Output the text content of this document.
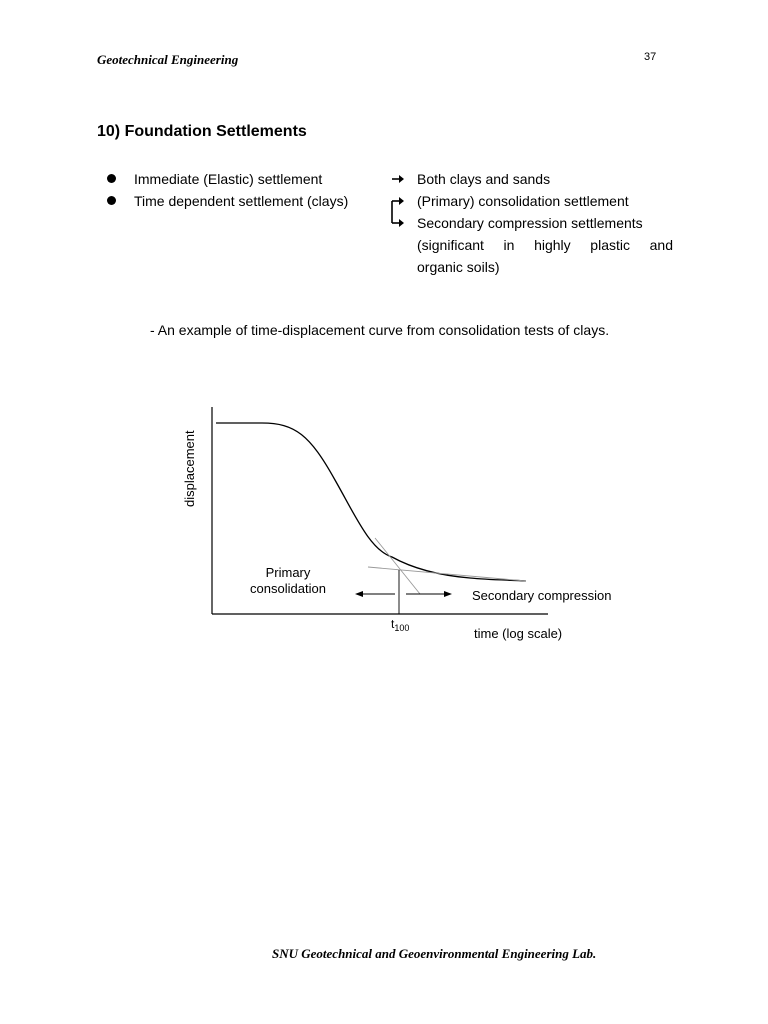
Geotechnical Engineering	37
10) Foundation Settlements
Immediate (Elastic) settlement
Time dependent settlement (clays)
Both clays and sands
(Primary) consolidation settlement
Secondary compression settlements
(significant in highly plastic and
organic soils)
- An example of time-displacement curve from consolidation tests of clays.
displacement
Primary
consolidation	Secondary compression
$t_{100}$	time (log scale)
SNU Geotechnical and Geoenvironmental Engineering Lab.
